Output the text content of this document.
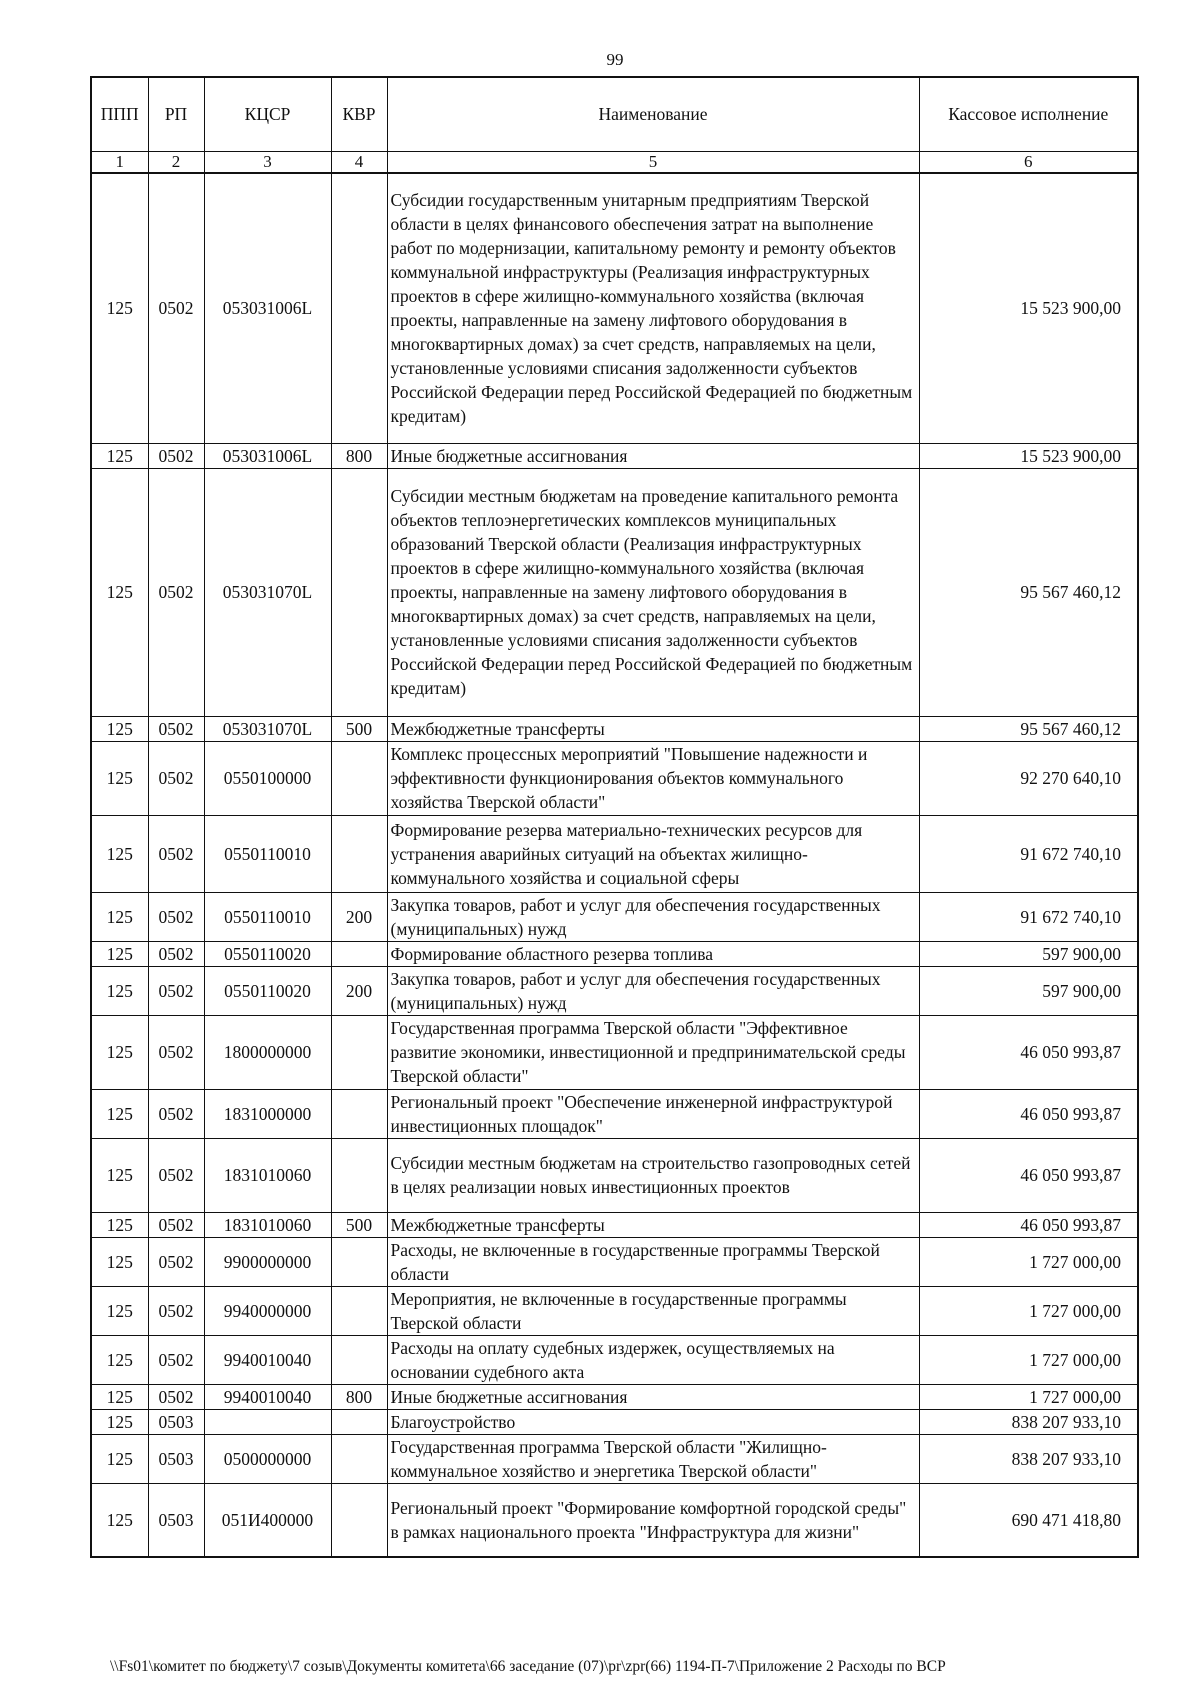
99
ППП	РП	КЦСР	КВР	Наименование	Кассовое исполнение
1	2	3	4	5	6
125	0502	053031006L		Субсидии государственным унитарным предприятиям Тверской области в целях финансового обеспечения затрат на выполнение работ по модернизации, капитальному ремонту и ремонту объектов коммунальной инфраструктуры (Реализация инфраструктурных проектов в сфере жилищно-коммунального хозяйства (включая проекты, направленные на замену лифтового оборудования в многоквартирных домах) за счет средств, направляемых на цели, установленные условиями списания задолженности субъектов Российской Федерации перед Российской Федерацией по бюджетным кредитам)	15 523 900,00
125	0502	053031006L	800	Иные бюджетные ассигнования	15 523 900,00
125	0502	053031070L		Субсидии местным бюджетам на проведение капитального ремонта объектов теплоэнергетических комплексов муниципальных образований Тверской области (Реализация инфраструктурных проектов в сфере жилищно-коммунального хозяйства (включая проекты, направленные на замену лифтового оборудования в многоквартирных домах) за счет средств, направляемых на цели, установленные условиями списания задолженности субъектов Российской Федерации перед Российской Федерацией по бюджетным кредитам)	95 567 460,12
125	0502	053031070L	500	Межбюджетные трансферты	95 567 460,12
125	0502	0550100000		Комплекс процессных мероприятий "Повышение надежности и эффективности функционирования объектов коммунального хозяйства Тверской области"	92 270 640,10
125	0502	0550110010		Формирование резерва материально-технических ресурсов для устранения аварийных ситуаций на объектах жилищно-коммунального хозяйства и социальной сферы	91 672 740,10
125	0502	0550110010	200	Закупка товаров, работ и услуг для обеспечения государственных (муниципальных) нужд	91 672 740,10
125	0502	0550110020		Формирование областного резерва топлива	597 900,00
125	0502	0550110020	200	Закупка товаров, работ и услуг для обеспечения государственных (муниципальных) нужд	597 900,00
125	0502	1800000000		Государственная программа Тверской области "Эффективное развитие экономики, инвестиционной и предпринимательской среды Тверской области"	46 050 993,87
125	0502	1831000000		Региональный проект "Обеспечение инженерной инфраструктурой инвестиционных площадок"	46 050 993,87
125	0502	1831010060		Субсидии местным бюджетам на строительство газопроводных сетей в целях реализации новых инвестиционных проектов	46 050 993,87
125	0502	1831010060	500	Межбюджетные трансферты	46 050 993,87
125	0502	9900000000		Расходы, не включенные в государственные программы Тверской области	1 727 000,00
125	0502	9940000000		Мероприятия, не включенные в государственные программы Тверской области	1 727 000,00
125	0502	9940010040		Расходы на оплату судебных издержек, осуществляемых на основании судебного акта	1 727 000,00
125	0502	9940010040	800	Иные бюджетные ассигнования	1 727 000,00
125	0503			Благоустройство	838 207 933,10
125	0503	0500000000		Государственная программа Тверской области "Жилищно-коммунальное хозяйство и энергетика Тверской области"	838 207 933,10
125	0503	051И400000		Региональный проект "Формирование комфортной городской среды" в рамках национального проекта "Инфраструктура для жизни"	690 471 418,80
\\Fs01\комитет по бюджету\7 созыв\Документы комитета\66 заседание (07)\pr\zpr(66) 1194-П-7\Приложение 2 Расходы по ВСР
